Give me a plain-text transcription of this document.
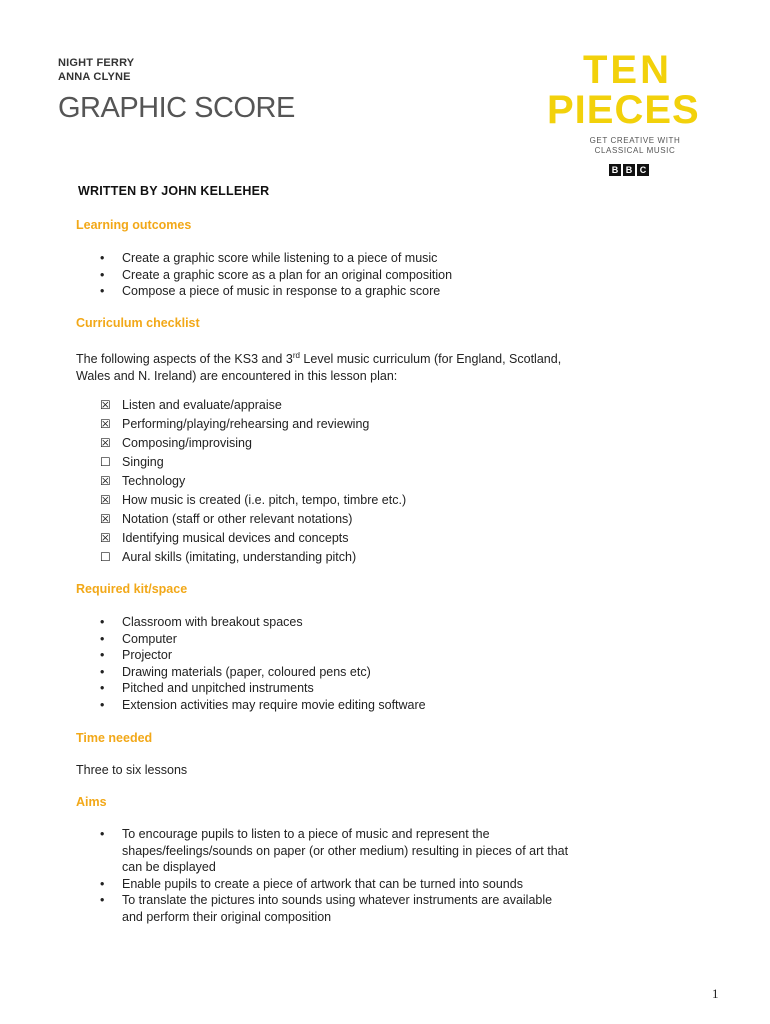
NIGHT FERRY
ANNA CLYNE
GRAPHIC SCORE
TEN
PIECES
GET CREATIVE WITH
CLASSICAL MUSIC
B B C
WRITTEN BY JOHN KELLEHER
Learning outcomes
• Create a graphic score while listening to a piece of music
• Create a graphic score as a plan for an original composition
• Compose a piece of music in response to a graphic score
Curriculum checklist
The following aspects of the KS3 and 3rd Level music curriculum (for England, Scotland,
Wales and N. Ireland) are encountered in this lesson plan:
☒ Listen and evaluate/appraise
☒ Performing/playing/rehearsing and reviewing
☒ Composing/improvising
☐ Singing
☒ Technology
☒ How music is created (i.e. pitch, tempo, timbre etc.)
☒ Notation (staff or other relevant notations)
☒ Identifying musical devices and concepts
☐ Aural skills (imitating, understanding pitch)
Required kit/space
• Classroom with breakout spaces
• Computer
• Projector
• Drawing materials (paper, coloured pens etc)
• Pitched and unpitched instruments
• Extension activities may require movie editing software
Time needed
Three to six lessons
Aims
• To encourage pupils to listen to a piece of music and represent the
shapes/feelings/sounds on paper (or other medium) resulting in pieces of art that
can be displayed
• Enable pupils to create a piece of artwork that can be turned into sounds
• To translate the pictures into sounds using whatever instruments are available
and perform their original composition
1
